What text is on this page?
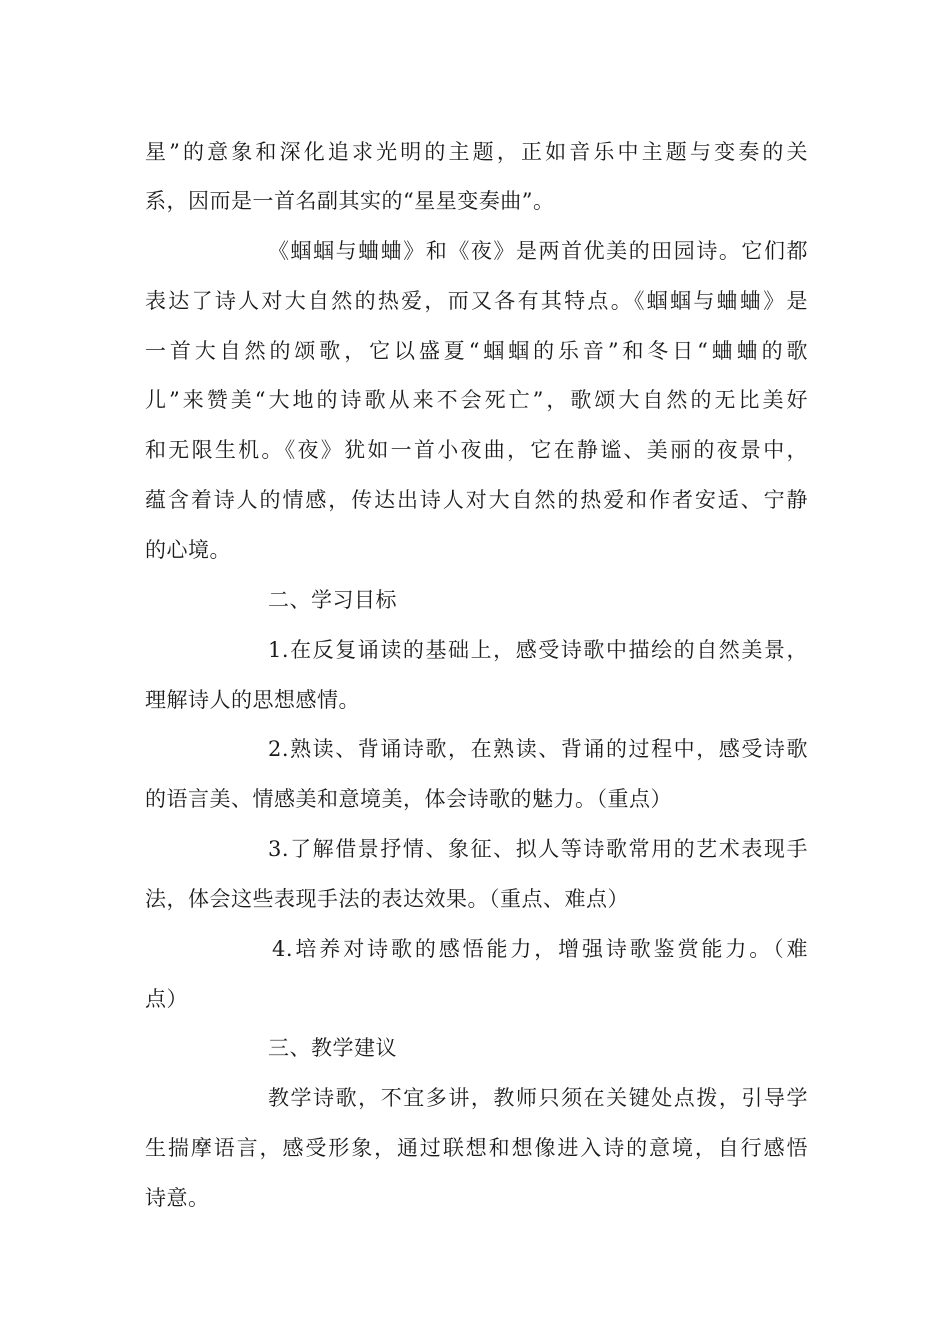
星”的意象和深化追求光明的主题，正如音乐中主题与变奏的关
系，因而是一首名副其实的“星星变奏曲”。
《蝈蝈与蛐蛐》和《夜》是两首优美的田园诗。它们都
表达了诗人对大自然的热爱，而又各有其特点。《蝈蝈与蛐蛐》是
一首大自然的颂歌，它以盛夏“蝈蝈的乐音”和冬日“蛐蛐的歌
儿”来赞美“大地的诗歌从来不会死亡”，歌颂大自然的无比美好
和无限生机。《夜》犹如一首小夜曲，它在静谧、美丽的夜景中，
蕴含着诗人的情感，传达出诗人对大自然的热爱和作者安适、宁静
的心境。
二、学习目标
1.在反复诵读的基础上，感受诗歌中描绘的自然美景，
理解诗人的思想感情。
2.熟读、背诵诗歌，在熟读、背诵的过程中，感受诗歌
的语言美、情感美和意境美，体会诗歌的魅力。（重点）
3.了解借景抒情、象征、拟人等诗歌常用的艺术表现手
法，体会这些表现手法的表达效果。（重点、难点）
4.培养对诗歌的感悟能力，增强诗歌鉴赏能力。（难
点）
三、教学建议
教学诗歌，不宜多讲，教师只须在关键处点拨，引导学
生揣摩语言，感受形象，通过联想和想像进入诗的意境，自行感悟
诗意。
